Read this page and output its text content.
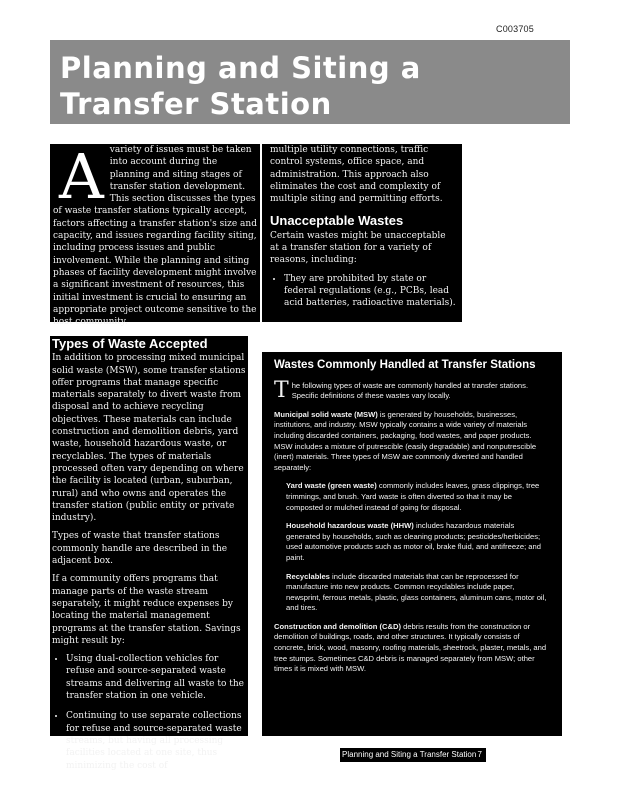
C003705
Planning and Siting a Transfer Station
A variety of issues must be taken into account during the planning and siting stages of transfer station development. This section discusses the types of waste transfer stations typically accept, factors affecting a transfer station's size and capacity, and issues regarding facility siting, including process issues and public involvement. While the planning and siting phases of facility development might involve a significant investment of resources, this initial investment is crucial to ensuring an appropriate project outcome sensitive to the host community.

multiple utility connections, traffic control systems, office space, and administration. This approach also eliminates the cost and complexity of multiple siting and permitting efforts.

Unacceptable Wastes

Certain wastes might be unacceptable at a transfer station for a variety of reasons, including:

• They are prohibited by state or federal regulations (e.g., PCBs, lead acid batteries, radioactive materials).
Types of Waste Accepted

In addition to processing mixed municipal solid waste (MSW), some transfer stations offer programs that manage specific materials separately to divert waste from disposal and to achieve recycling objectives. These materials can include construction and demolition debris, yard waste, household hazardous waste, or recyclables. The types of materials processed often vary depending on where the facility is located (urban, suburban, rural) and who owns and operates the transfer station (public entity or private industry).

Types of waste that transfer stations commonly handle are described in the adjacent box.

If a community offers programs that manage parts of the waste stream separately, it might reduce expenses by locating the material management programs at the transfer station. Savings might result by:

• Using dual-collection vehicles for refuse and source-separated waste streams and delivering all waste to the transfer station in one vehicle.
• Continuing to use separate collections for refuse and source-separated waste streams, but having all processing facilities located at one site, thus minimizing the cost of
Wastes Commonly Handled at Transfer Stations

The following types of waste are commonly handled at transfer stations. Specific definitions of these wastes vary locally.

Municipal solid waste (MSW) is generated by households, businesses, institutions, and industry. MSW typically contains a wide variety of materials including discarded containers, packaging, food wastes, and paper products. MSW includes a mixture of putrescible (easily degradable) and nonputrescible (inert) materials. Three types of MSW are commonly diverted and handled separately:

Yard waste (green waste) commonly includes leaves, grass clippings, tree trimmings, and brush. Yard waste is often diverted so that it may be composted or mulched instead of going for disposal.

Household hazardous waste (HHW) includes hazardous materials generated by households, such as cleaning products; pesticides/herbicides; used automotive products such as motor oil, brake fluid, and antifreeze; and paint.

Recyclables include discarded materials that can be reprocessed for manufacture into new products. Common recyclables include paper, newsprint, ferrous metals, plastic, glass containers, aluminum cans, motor oil, and tires.

Construction and demolition (C&D) debris results from the construction or demolition of buildings, roads, and other structures. It typically consists of concrete, brick, wood, masonry, roofing materials, sheetrock, plaster, metals, and tree stumps. Sometimes C&D debris is managed separately from MSW; other times it is mixed with MSW.

Planning and Siting a Transfer Station 7
